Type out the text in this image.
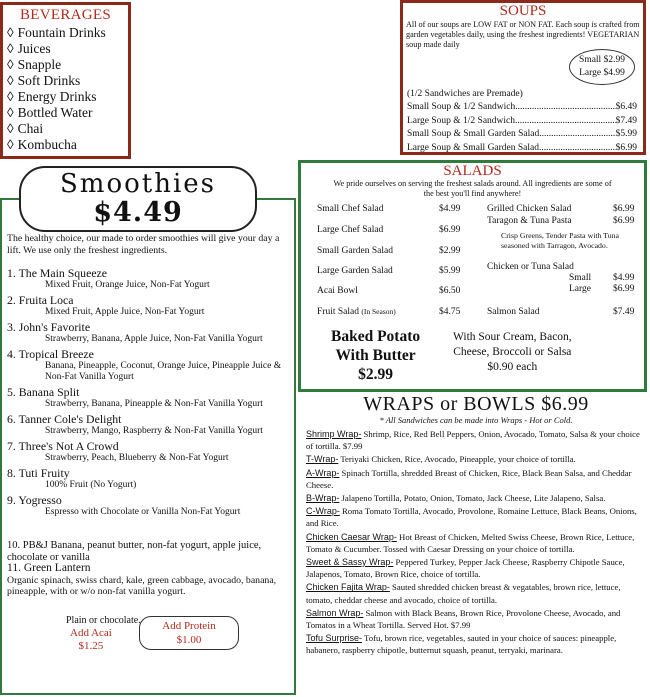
BEVERAGES
◊ Fountain Drinks
◊ Juices
◊ Snapple
◊ Soft Drinks
◊ Energy Drinks
◊ Bottled Water
◊ Chai
◊ Kombucha
SOUPS
All of our soups are LOW FAT or NON FAT. Each soup is crafted from garden vegetables daily, using the freshest ingredients! VEGETARIAN soup made daily
Small $2.99
Large $4.99
(1/2 Sandwiches are Premade)
Small Soup & 1/2 Sandwich .....	$6.49
Large Soup & 1/2 Sandwich .....	$7.49
Small Soup & Small Garden Salad .....	$5.99
Large Soup & Small Garden Salad .....	$6.99
The healthy choice, our made to order smoothies will give your day a lift. We use only the freshest ingredients.
1. The Main Squeeze
Mixed Fruit, Orange Juice, Non-Fat Yogurt
2. Fruita Loca
Mixed Fruit, Apple Juice, Non-Fat Yogurt
3. John's Favorite
Strawberry, Banana, Apple Juice, Non-Fat Vanilla Yogurt
4. Tropical Breeze
Banana, Pineapple, Coconut, Orange Juice, Pineapple Juice & Non-Fat Vanilla Yogurt
5. Banana Split
Strawberry, Banana, Pineapple & Non-Fat Vanilla Yogurt
6. Tanner Cole's Delight
Strawberry, Mango, Raspberry & Non-Fat Vanilla Yogurt
7. Three's Not A Crowd
Strawberry, Peach, Blueberry & Non-Fat Yogurt
8. Tuti Fruity
100% Fruit (No Yogurt)
9. Yogresso
Espresso with Chocolate or Vanilla Non-Fat Yogurt
10. PB&J Banana, peanut butter, non-fat yogurt, apple juice, chocolate or vanilla
11. Green Lantern
Organic spinach, swiss chard, kale, green cabbage, avocado, banana, pineapple, with or w/o non-fat vanilla yogurt.
Plain or chocolate.
Add Acai
$1.25
Add Protein
$1.00
Smoothies
$4.49
SALADS
We pride ourselves on serving the freshest salads around. All ingredients are some of the best you'll find anywhere!
Small Chef Salad	$4.99
Large Chef Salad	$6.99
Small Garden Salad	$2.99
Large Garden Salad	$5.99
Acai Bowl	$6.50
Fruit Salad (In Season)	$4.75
Grilled Chicken Salad	$6.99
Taragon & Tuna Pasta	$6.99
Crisp Greens, Tender Pasta with Tuna seasoned with Tarragon, Avocado.
Chicken or Tuna Salad
Small $4.99
Large $6.99
Salmon Salad	$7.49
Baked Potato
With Butter
$2.99
With Sour Cream, Bacon,
Cheese, Broccoli or Salsa
$0.90 each
WRAPS or BOWLS $6.99
* All Sandwiches can be made into Wraps - Hot or Cold.
Shrimp Wrap- Shrimp, Rice, Red Bell Peppers, Onion, Avocado, Tomato, Salsa & your choice of tortilla. $7.99
T-Wrap- Teriyaki Chicken, Rice, Avocado, Pineapple, your choice of tortilla.
A-Wrap- Spinach Tortilla, shredded Breast of Chicken, Rice, Black Bean Salsa, and Cheddar Cheese.
B-Wrap- Jalapeno Tortilla, Potato, Onion, Tomato, Jack Cheese, Lite Jalapeno, Salsa.
C-Wrap- Roma Tomato Tortilla, Avocado, Provolone, Romaine Lettuce, Black Beans, Onions, and Rice.
Chicken Caesar Wrap- Hot Breast of Chicken, Melted Swiss Cheese, Brown Rice, Lettuce, Tomato & Cucumber. Tossed with Caesar Dressing on your choice of tortilla.
Sweet & Sassy Wrap- Peppered Turkey, Pepper Jack Cheese, Raspberry Chipotle Sauce, Jalapenos, Tomato, Brown Rice, choice of tortilla.
Chicken Fajita Wrap- Sauted shredded chicken breast & vegatables, brown rice, lettuce, tomato, cheddar cheese and avocado, choice of tortilla.
Salmon Wrap- Salmon with Black Beans, Brown Rice, Provolone Cheese, Avocado, and Tomatos in a Wheat Tortilla. Served Hot. $7.99
Tofu Surprise- Tofu, brown rice, vegetables, sauted in your choice of sauces: pineapple, habanero, raspberry chipotle, butternut squash, peanut, terryaki, marinara.
